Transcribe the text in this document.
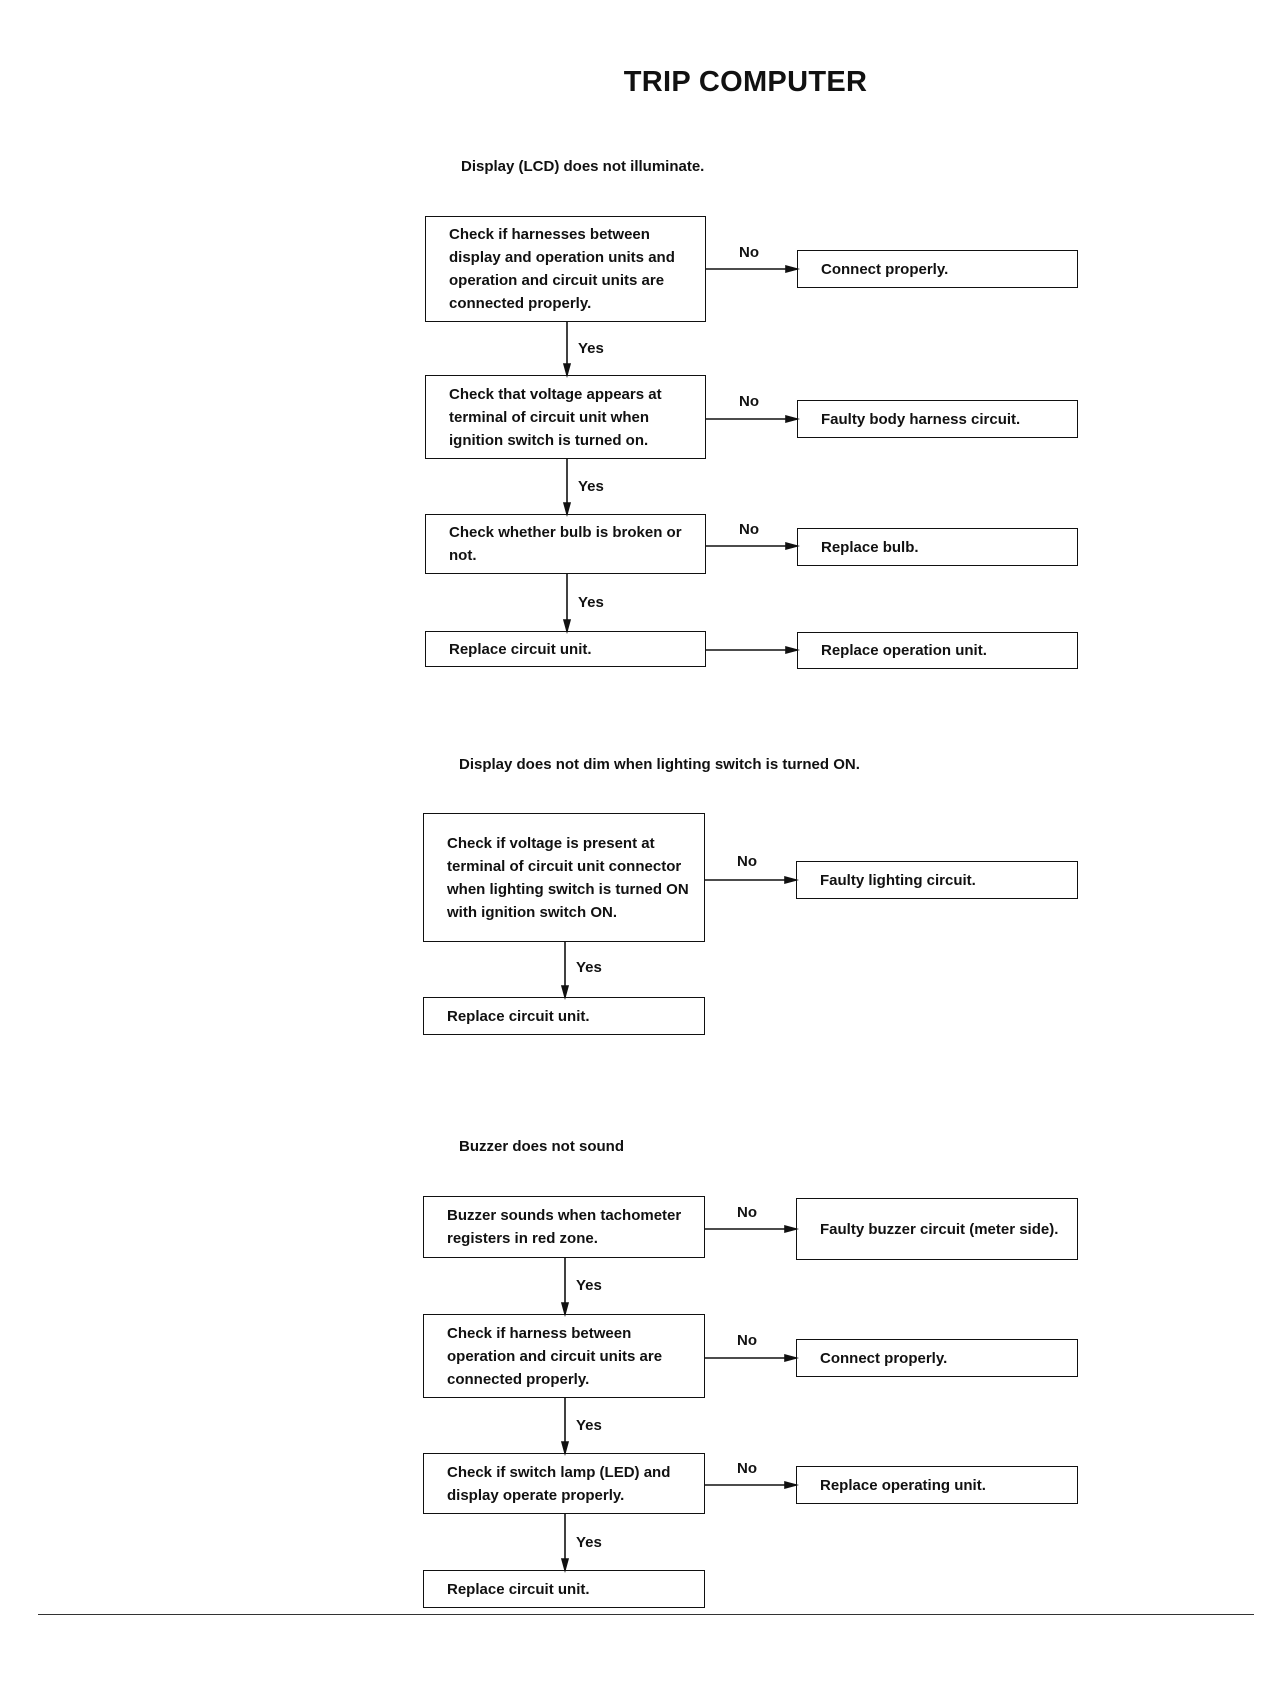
TRIP COMPUTER
Display (LCD) does not illuminate.
Check if harnesses between display and operation units and operation and circuit units are connected properly.
Connect properly.
No
Yes
Check that voltage appears at terminal of circuit unit when ignition switch is turned on.
Faulty body harness circuit.
No
Yes
Check whether bulb is broken or not.	Replace bulb.
No
Yes
Replace circuit unit.	Replace operation unit.
Display does not dim when lighting switch is turned ON.
Check if voltage is present at terminal of circuit unit connector when lighting switch is turned ON with ignition switch ON.
Faulty lighting circuit.
No
Yes
Replace circuit unit.
Buzzer does not sound
Buzzer sounds when tachometer registers in red zone.
Faulty buzzer circuit (meter side).
No
Yes
Check if harness between operation and circuit units are connected properly.
Connect properly.
No
Yes
Check if switch lamp (LED) and display operate properly.
Replace operating unit.
No
Yes
Replace circuit unit.
